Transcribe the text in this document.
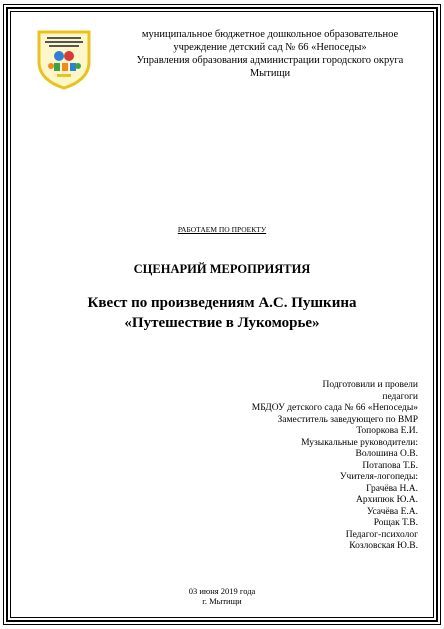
муниципальное бюджетное дошкольное образовательное
учреждение детский сад № 66 «Непоседы»
Управления образования администрации городского округа
Мытищи
РАБОТАЕМ ПО ПРОЕКТУ
СЦЕНАРИЙ МЕРОПРИЯТИЯ
Квест по произведениям А.С. Пушкина
«Путешествие в Лукоморье»
Подготовили и провели
педагоги
МБДОУ детского сада № 66 «Непоседы»
Заместитель заведующего по ВМР
Топоркова Е.И.
Музыкальные руководители:
Волошина О.В.
Потапова Т.Б.
Учителя-логопеды:
Грачёва Н.А.
Архипюк Ю.А.
Усачёва Е.А.
Рощак Т.В.
Педагог-психолог
Козловская Ю.В.
03 июня 2019 года
г. Мытищи
